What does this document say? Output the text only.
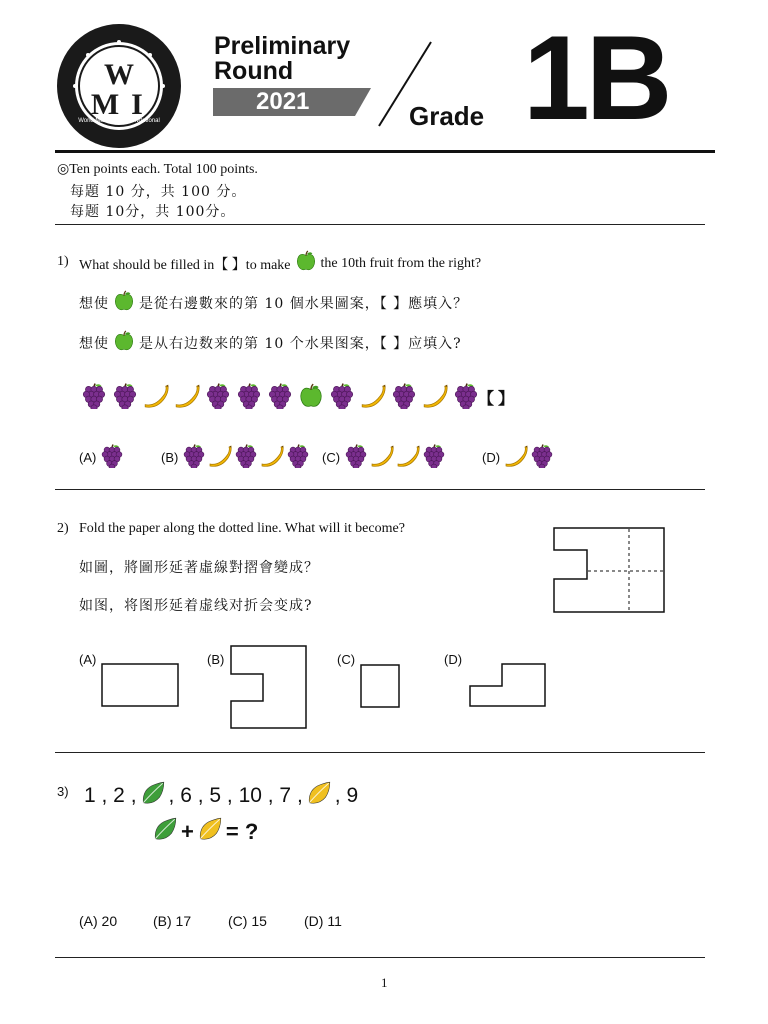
W
M I
World Mathematics Invitational
Preliminary
Round
2021	Grade 1B
◎Ten points each. Total 100 points.
每題 10 分，共 100 分。
每题 10分，共 100分。
1) What should be filled in【 】to make the 10th fruit from the right?
想使 是從右邊數來的第 10 個水果圖案，【 】應填入？
想使 是从右边数来的第 10 个水果图案，【 】应填入?
【 】
(A)	(B)	(C)	(D)
2) Fold the paper along the dotted line. What will it become?
如圖，將圖形延著虛線對摺會變成？
如图，将图形延着虚线对折会变成?
(A)	(B)	(C)	(D)
3) 1 , 2 , , 6 , 5 , 10 , 7 , , 9
+ = ?
(A) 20	(B) 17	(C) 15	(D) 11
1
